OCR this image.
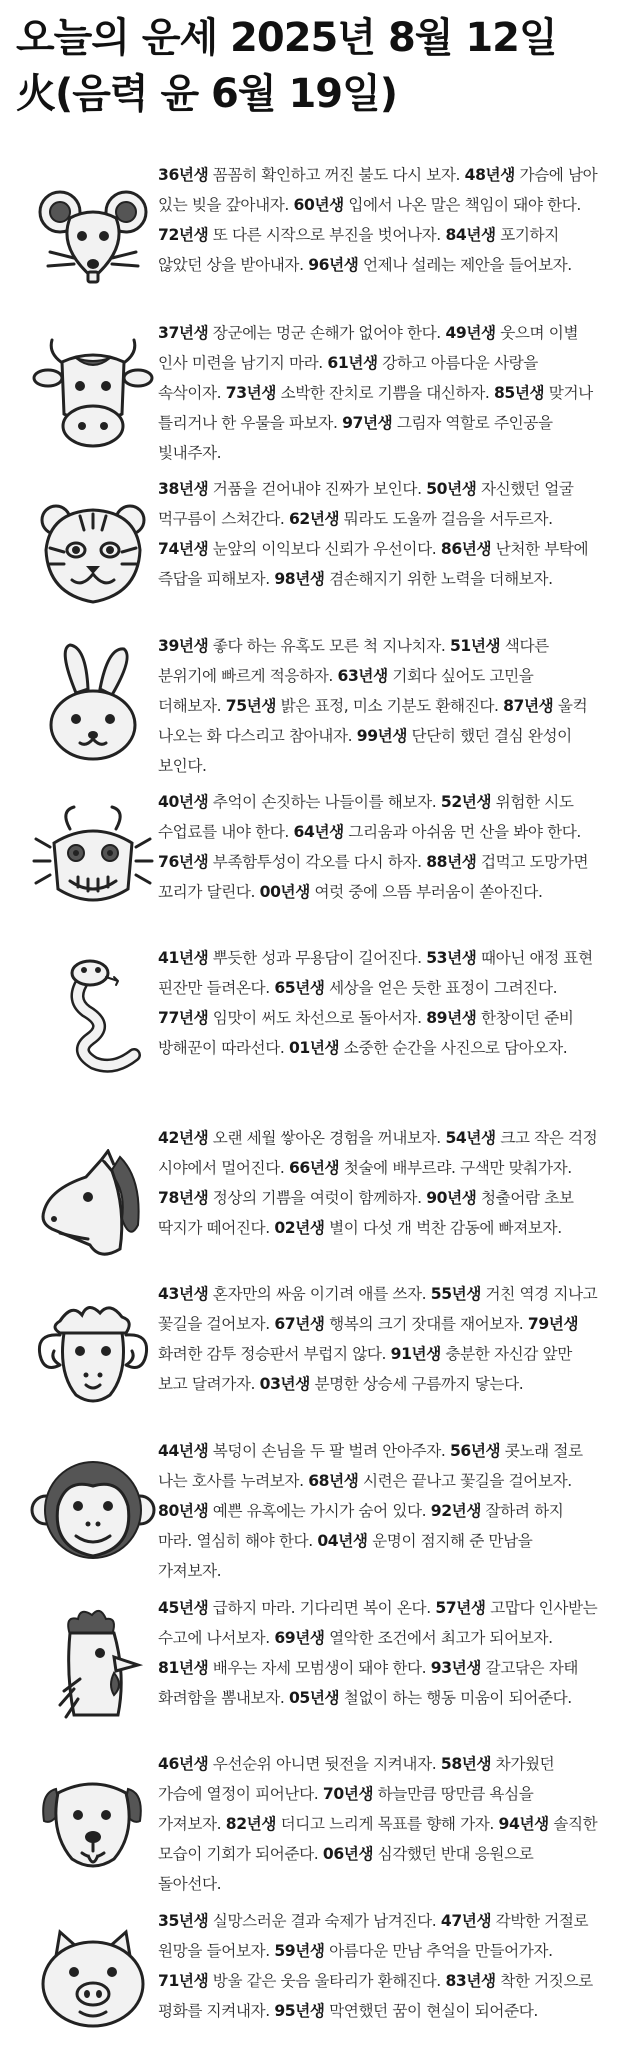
오늘의 운세 2025년 8월 12일
火(음력 윤 6월 19일)
36년생 꼼꼼히 확인하고 꺼진 불도 다시 보자. 48년생 가슴에 남아 있는 빚을 갚아내자. 60년생 입에서 나온 말은 책임이 돼야 한다. 72년생 또 다른 시작으로 부진을 벗어나자. 84년생 포기하지 않았던 상을 받아내자. 96년생 언제나 설레는 제안을 들어보자.
37년생 장군에는 멍군 손해가 없어야 한다. 49년생 웃으며 이별 인사 미련을 남기지 마라. 61년생 강하고 아름다운 사랑을 속삭이자. 73년생 소박한 잔치로 기쁨을 대신하자. 85년생 맞거나 틀리거나 한 우물을 파보자. 97년생 그림자 역할로 주인공을 빛내주자.
38년생 거품을 걷어내야 진짜가 보인다. 50년생 자신했던 얼굴 먹구름이 스쳐간다. 62년생 뭐라도 도울까 걸음을 서두르자. 74년생 눈앞의 이익보다 신뢰가 우선이다. 86년생 난처한 부탁에 즉답을 피해보자. 98년생 겸손해지기 위한 노력을 더해보자.
39년생 좋다 하는 유혹도 모른 척 지나치자. 51년생 색다른 분위기에 빠르게 적응하자. 63년생 기회다 싶어도 고민을 더해보자. 75년생 밝은 표정, 미소 기분도 환해진다. 87년생 울컥 나오는 화 다스리고 참아내자. 99년생 단단히 했던 결심 완성이 보인다.
40년생 추억이 손짓하는 나들이를 해보자. 52년생 위험한 시도 수업료를 내야 한다. 64년생 그리움과 아쉬움 먼 산을 봐야 한다. 76년생 부족함투성이 각오를 다시 하자. 88년생 겁먹고 도망가면 꼬리가 달린다. 00년생 여럿 중에 으뜸 부러움이 쏟아진다.
41년생 뿌듯한 성과 무용담이 길어진다. 53년생 때아닌 애정 표현 핀잔만 들려온다. 65년생 세상을 얻은 듯한 표정이 그려진다. 77년생 임맛이 써도 차선으로 돌아서자. 89년생 한창이던 준비 방해꾼이 따라선다. 01년생 소중한 순간을 사진으로 담아오자.
42년생 오랜 세월 쌓아온 경험을 꺼내보자. 54년생 크고 작은 걱정 시야에서 멀어진다. 66년생 첫술에 배부르랴. 구색만 맞춰가자. 78년생 정상의 기쁨을 여럿이 함께하자. 90년생 청출어람 초보 딱지가 떼어진다. 02년생 별이 다섯 개 벅찬 감동에 빠져보자.
43년생 혼자만의 싸움 이기려 애를 쓰자. 55년생 거친 역경 지나고 꽃길을 걸어보자. 67년생 행복의 크기 잣대를 재어보자. 79년생 화려한 감투 정승판서 부럽지 않다. 91년생 충분한 자신감 앞만 보고 달려가자. 03년생 분명한 상승세 구름까지 닿는다.
44년생 복덩이 손님을 두 팔 벌려 안아주자. 56년생 콧노래 절로 나는 호사를 누려보자. 68년생 시련은 끝나고 꽃길을 걸어보자. 80년생 예쁜 유혹에는 가시가 숨어 있다. 92년생 잘하려 하지 마라. 열심히 해야 한다. 04년생 운명이 점지해 준 만남을 가져보자.
45년생 급하지 마라. 기다리면 복이 온다. 57년생 고맙다 인사받는 수고에 나서보자. 69년생 열악한 조건에서 최고가 되어보자. 81년생 배우는 자세 모범생이 돼야 한다. 93년생 갈고닦은 자태 화려함을 뽐내보자. 05년생 철없이 하는 행동 미움이 되어준다.
46년생 우선순위 아니면 뒷전을 지켜내자. 58년생 차가웠던 가슴에 열정이 피어난다. 70년생 하늘만큼 땅만큼 욕심을 가져보자. 82년생 더디고 느리게 목표를 향해 가자. 94년생 솔직한 모습이 기회가 되어준다. 06년생 심각했던 반대 응원으로 돌아선다.
35년생 실망스러운 결과 숙제가 남겨진다. 47년생 각박한 거절로 원망을 들어보자. 59년생 아름다운 만남 추억을 만들어가자. 71년생 방울 같은 웃음 울타리가 환해진다. 83년생 착한 거짓으로 평화를 지켜내자. 95년생 막연했던 꿈이 현실이 되어준다.
